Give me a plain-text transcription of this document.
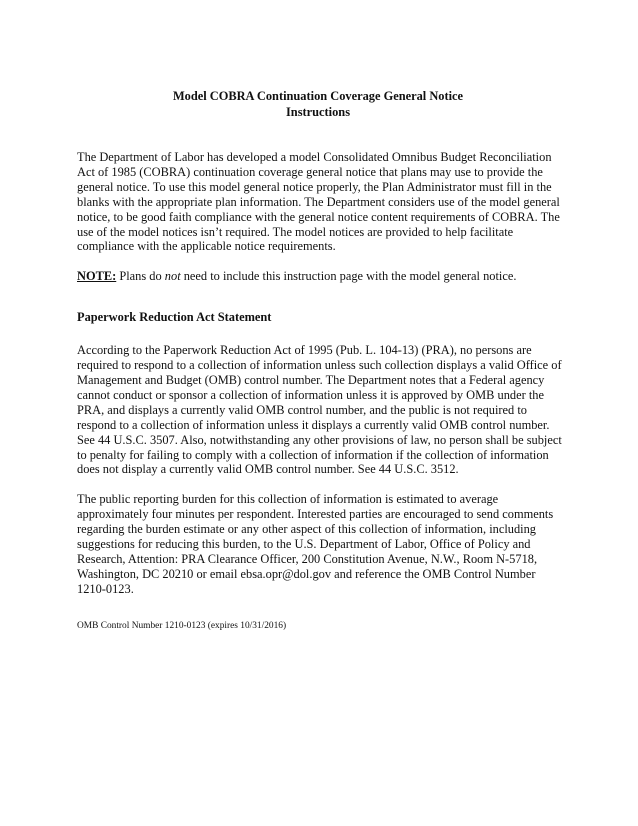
Model COBRA Continuation Coverage General Notice
Instructions

The Department of Labor has developed a model Consolidated Omnibus Budget Reconciliation Act of 1985 (COBRA) continuation coverage general notice that plans may use to provide the general notice. To use this model general notice properly, the Plan Administrator must fill in the blanks with the appropriate plan information. The Department considers use of the model general notice, to be good faith compliance with the general notice content requirements of COBRA. The use of the model notices isn’t required. The model notices are provided to help facilitate compliance with the applicable notice requirements.

NOTE: Plans do not need to include this instruction page with the model general notice.

Paperwork Reduction Act Statement

According to the Paperwork Reduction Act of 1995 (Pub. L. 104-13) (PRA), no persons are required to respond to a collection of information unless such collection displays a valid Office of Management and Budget (OMB) control number. The Department notes that a Federal agency cannot conduct or sponsor a collection of information unless it is approved by OMB under the PRA, and displays a currently valid OMB control number, and the public is not required to respond to a collection of information unless it displays a currently valid OMB control number. See 44 U.S.C. 3507. Also, notwithstanding any other provisions of law, no person shall be subject to penalty for failing to comply with a collection of information if the collection of information does not display a currently valid OMB control number. See 44 U.S.C. 3512.

The public reporting burden for this collection of information is estimated to average approximately four minutes per respondent. Interested parties are encouraged to send comments regarding the burden estimate or any other aspect of this collection of information, including suggestions for reducing this burden, to the U.S. Department of Labor, Office of Policy and Research, Attention: PRA Clearance Officer, 200 Constitution Avenue, N.W., Room N-5718, Washington, DC 20210 or email ebsa.opr@dol.gov and reference the OMB Control Number 1210-0123.

OMB Control Number 1210-0123 (expires 10/31/2016)
